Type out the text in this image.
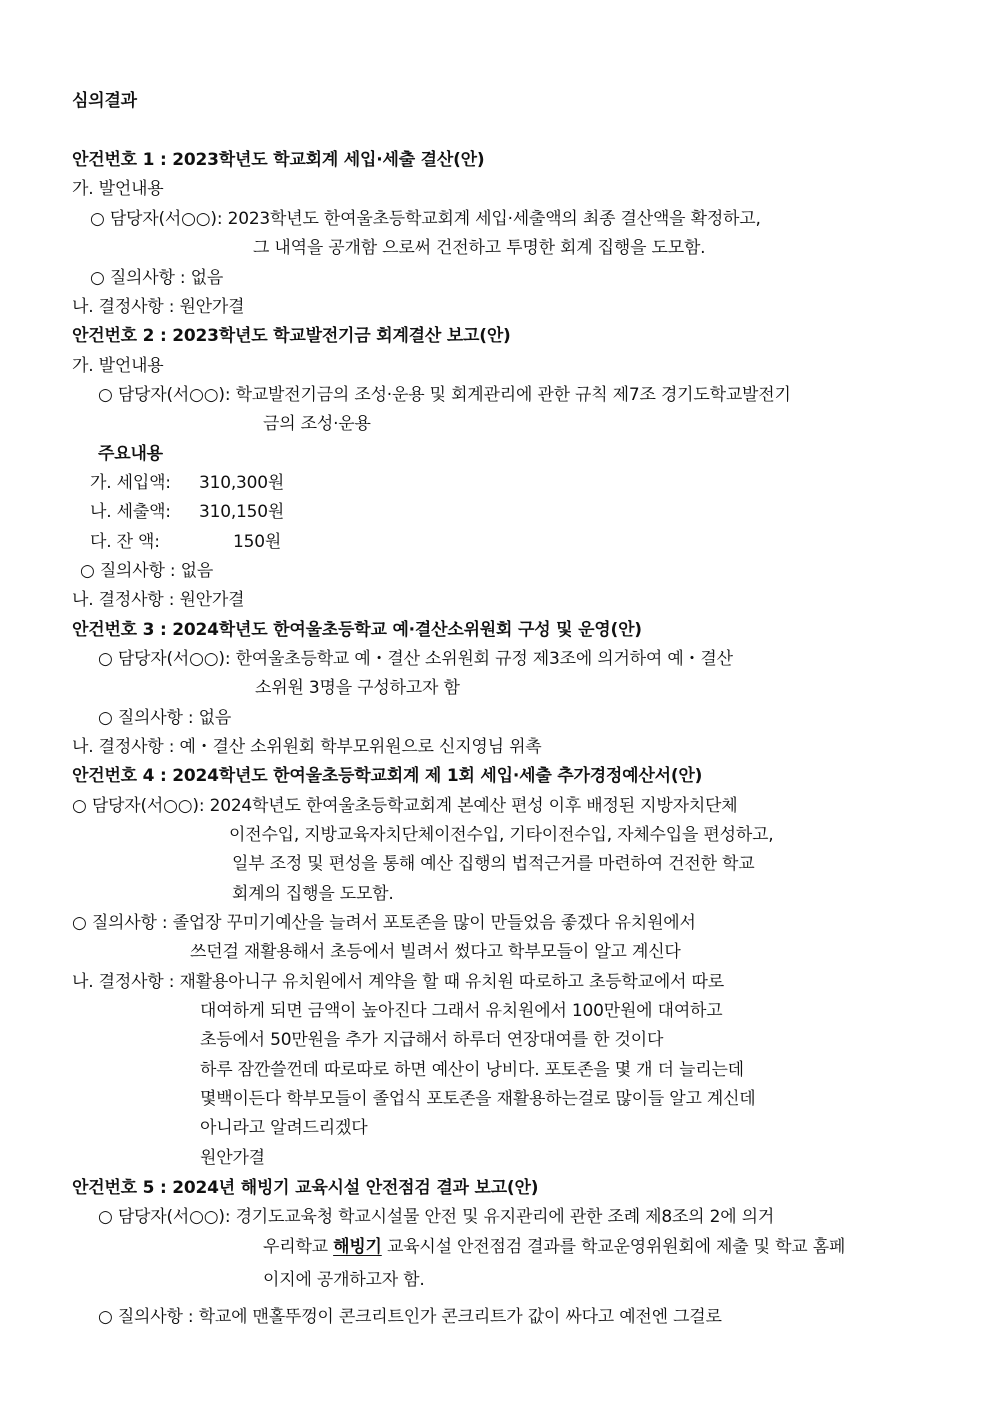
심의결과
안건번호 1 : 2023학년도 학교회계 세입·세출 결산(안)
가. 발언내용
○ 담당자(서○○): 2023학년도 한여울초등학교회계 세입·세출액의 최종 결산액을 확정하고,
그 내역을 공개함 으로써 건전하고 투명한 회계 집행을 도모함.
○ 질의사항 : 없음
나. 결정사항 : 원안가결
안건번호 2 : 2023학년도 학교발전기금 회계결산 보고(안)
가. 발언내용
○ 담당자(서○○): 학교발전기금의 조성·운용 및 회계관리에 관한 규칙 제7조 경기도학교발전기
금의 조성·운용
주요내용
가. 세입액: 310,300원
나. 세출액: 310,150원
다. 잔 액:	150원
○ 질의사항 : 없음
나. 결정사항 : 원안가결
안건번호 3 : 2024학년도 한여울초등학교 예·결산소위원회 구성 및 운영(안)
○ 담당자(서○○): 한여울초등학교 예・결산 소위원회 규정 제3조에 의거하여 예・결산
소위원 3명을 구성하고자 함
○ 질의사항 : 없음
나. 결정사항 : 예・결산 소위원회 학부모위원으로 신지영님 위촉
안건번호 4 : 2024학년도 한여울초등학교회계 제 1회 세입·세출 추가경정예산서(안)
○ 담당자(서○○): 2024학년도 한여울초등학교회계 본예산 편성 이후 배정된 지방자치단체
이전수입, 지방교육자치단체이전수입, 기타이전수입, 자체수입을 편성하고,
일부 조정 및 편성을 통해 예산 집행의 법적근거를 마련하여 건전한 학교
회계의 집행을 도모함.
○ 질의사항 : 졸업장 꾸미기예산을 늘려서 포토존을 많이 만들었음 좋겠다 유치원에서
쓰던걸 재활용해서 초등에서 빌려서 썼다고 학부모들이 알고 계신다
나. 결정사항 : 재활용아니구 유치원에서 계약을 할 때 유치원 따로하고 초등학교에서 따로
대여하게 되면 금액이 높아진다 그래서 유치원에서 100만원에 대여하고
초등에서 50만원을 추가 지급해서 하루더 연장대여를 한 것이다
하루 잠깐쓸껀데 따로따로 하면 예산이 낭비다. 포토존을 몇 개 더 늘리는데
몇백이든다 학부모들이 졸업식 포토존을 재활용하는걸로 많이들 알고 계신데
아니라고 알려드리겠다
원안가결
안건번호 5 : 2024년 해빙기 교육시설 안전점검 결과 보고(안)
○ 담당자(서○○): 경기도교육청 학교시설물 안전 및 유지관리에 관한 조례 제8조의 2에 의거
우리학교 해빙기 교육시설 안전점검 결과를 학교운영위원회에 제출 및 학교 홈페
이지에 공개하고자 함.
○ 질의사항 : 학교에 맨홀뚜껑이 콘크리트인가 콘크리트가 값이 싸다고 예전엔 그걸로
